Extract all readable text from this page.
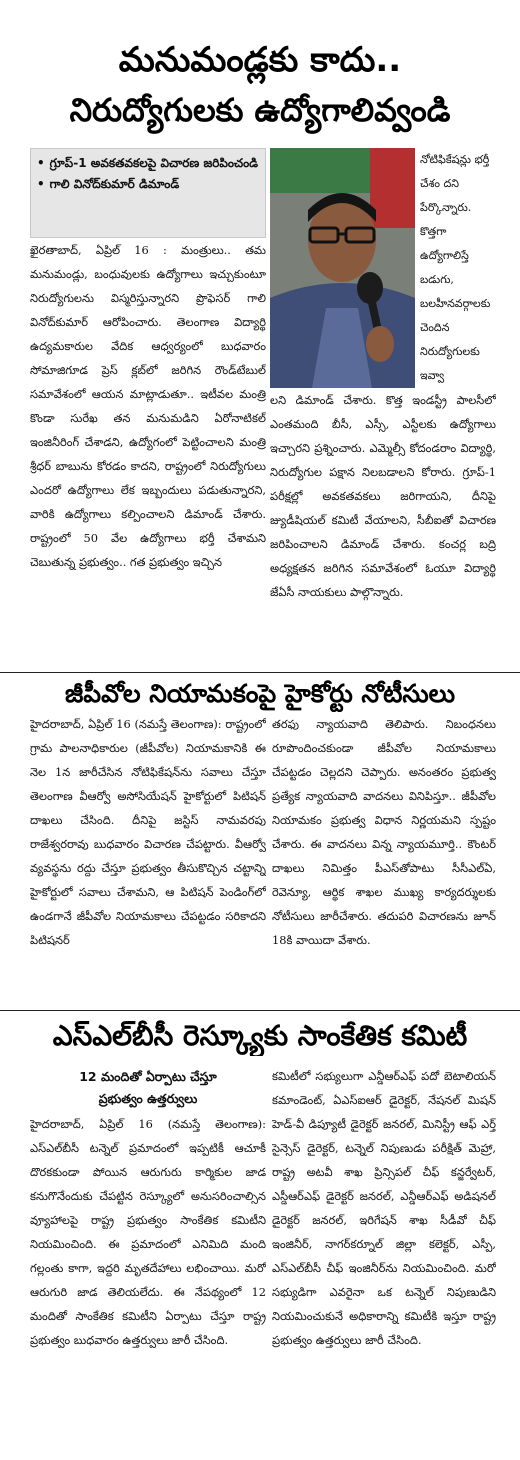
మనుమండ్లకు కాదు..
నిరుద్యోగులకు ఉద్యోగాలివ్వండి
• గ్రూప్‌-1 అవకతవకలపై విచారణ జరిపించండి
• గాలి వినోద్‌కుమార్‌ డిమాండ్‌

ఖైరతాబాద్‌, ఏప్రిల్‌ 16 : మంత్రులు.. తమ మనుమండ్లు, బంధువులకు ఉద్యోగాలు ఇచ్చుకుంటూ నిరుద్యోగులను విస్మరిస్తున్నారని ప్రొఫెసర్‌ గాలి వినోద్‌కుమార్‌ ఆరోపించారు. తెలంగాణ విద్యార్థి ఉద్యమకారుల వేదిక ఆధ్వర్యంలో బుధవారం సోమాజిగూడ ప్రెస్‌ క్లబ్‌లో జరిగిన రౌండ్‌టేబుల్‌ సమావేశంలో ఆయన మాట్లాడుతూ.. ఇటీవల మంత్రి కొండా సురేఖ తన మనుమడిని ఏరోనాటికల్‌ ఇంజినీరింగ్‌ చేశాడని, ఉద్యోగంలో పెట్టించాలని మంత్రి శ్రీధర్‌ బాబును కోరడం కాదని, రాష్ట్రంలో నిరుద్యోగులు ఎందరో ఉద్యోగాలు లేక ఇబ్బందులు పడుతున్నారని, వారికి ఉద్యోగాలు కల్పించాలని డిమాండ్‌ చేశారు. రాష్ట్రంలో 50 వేల ఉద్యోగాలు భర్తీ చేశామని చెబుతున్న ప్రభుత్వం.. గత ప్రభుత్వం ఇచ్చిన

నోటిఫికేషన్లు భర్తీ చేశం దని పేర్కొన్నారు. కొత్తగా ఉద్యోగాలిస్తే బడుగు, బలహీనవర్గాలకు చెందిన నిరుద్యోగులకు ఇవ్వా

లని డిమాండ్‌ చేశారు. కొత్త ఇండస్ట్రీ పాలసీలో ఎంతమంది బీసీ, ఎస్సీ, ఎస్టీలకు ఉద్యోగాలు ఇచ్చారని ప్రశ్నించారు. ఎమ్మెల్సీ కోదండరాం విద్యార్థి, నిరుద్యోగుల పక్షాన నిలబడాలని కోరారు. గ్రూప్‌-1 పరీక్షల్లో అవకతవకలు జరిగాయని, దీనిపై జ్యుడీషియల్‌ కమిటీ వేయాలని, సీబీఐతో విచారణ జరిపించాలని డిమాండ్‌ చేశారు. కంచర్ల బద్రి అధ్యక్షతన జరిగిన సమావేశంలో ఓయూ విద్యార్థి జేఏసీ నాయకులు పాల్గొన్నారు.

జీపీవోల నియామకంపై హైకోర్టు నోటీసులు

హైదరాబాద్‌, ఏప్రిల్‌ 16 (నమస్తే తెలంగాణ): రాష్ట్రంలో గ్రామ పాలనాధికారుల (జీపీవోల) నియామకానికి ఈ నెల 1న జారీచేసిన నోటిఫికేషన్‌ను సవాలు చేస్తూ తెలంగాణ వీఆర్వో అసోసియేషన్‌ హైకోర్టులో పిటిషన్‌ దాఖలు చేసింది. దీనిపై జస్టిస్‌ నామవరపు రాజేశ్వరరావు బుధవారం విచారణ చేపట్టారు. వీఆర్వో వ్యవస్థను రద్దు చేస్తూ ప్రభుత్వం తీసుకొచ్చిన చట్టాన్ని హైకోర్టులో సవాలు చేశామని, ఆ పిటిషన్‌ పెండింగ్‌లో ఉండగానే జీపీవోల నియామకాలు చేపట్టడం సరికాదని పిటిషనర్‌

తరఫు న్యాయవాది తెలిపారు. నిబంధనలు రూపొందించకుండా జీపీవోల నియామకాలు చేపట్టడం చెల్లదని చెప్పారు. అనంతరం ప్రభుత్వ ప్రత్యేక న్యాయవాది వాదనలు వినిపిస్తూ.. జీపీవోల నియామకం ప్రభుత్వ విధాన నిర్ణయమని స్పష్టం చేశారు. ఈ వాదనలు విన్న న్యాయమూర్తి.. కౌంటర్‌ దాఖలు నిమిత్తం పీఎస్‌తోపాటు సీసీఎల్‌ఏ, రెవెన్యూ, ఆర్థిక శాఖల ముఖ్య కార్యదర్శులకు నోటీసులు జారీచేశారు. తదుపరి విచారణను జూన్‌ 18కి వాయిదా వేశారు.

ఎస్‌ఎల్‌బీసీ రెస్క్యూకు సాంకేతిక కమిటీ
12 మందితో ఏర్పాటు చేస్తూ
ప్రభుత్వం ఉత్తర్వులు

హైదరాబాద్‌, ఏప్రిల్‌ 16 (నమస్తే తెలంగాణ): ఎస్‌ఎల్‌బీసీ టన్నెల్‌ ప్రమాదంలో ఇప్పటికీ ఆచూకీ దొరకకుండా పోయిన ఆరుగురు కార్మికుల జాడ కనుగొనేందుకు చేపట్టిన రెస్క్యూలో అనుసరించాల్సిన వ్యూహాలపై రాష్ట్ర ప్రభుత్వం సాంకేతిక కమిటీని నియమించింది. ఈ ప్రమాదంలో ఎనిమిది మంది గల్లంతు కాగా, ఇద్దరి మృతదేహాలు లభించాయి. మరో ఆరుగురి జాడ తెలియలేదు. ఈ నేపథ్యంలో 12 మందితో సాంకేతిక కమిటీని ఏర్పాటు చేస్తూ రాష్ట్ర ప్రభుత్వం బుధవారం ఉత్తర్వులు జారీ చేసింది.

కమిటీలో సభ్యులుగా ఎన్డీఆర్‌ఎఫ్‌ పదో బెటాలియన్‌ కమాండెంట్‌, ఏఎస్‌ఐఆర్‌ డైరెక్టర్‌, నేషనల్‌ మిషన్‌ హెడ్‌-వీ డిప్యూటీ డైరెక్టర్‌ జనరల్‌, మినిస్ట్రీ ఆఫ్‌ ఎర్త్‌ సైన్సెస్‌ డైరెక్టర్‌, టన్నెల్‌ నిపుణుడు పరీక్షిత్‌ మెహ్రా, రాష్ట్ర అటవీ శాఖ ప్రిన్సిపల్‌ చీఫ్‌ కన్జర్వేటర్‌, ఎస్డీఆర్‌ఎఫ్‌ డైరెక్టర్‌ జనరల్‌, ఎన్డీఆర్‌ఎఫ్‌ అడిషనల్‌ డైరెక్టర్‌ జనరల్‌, ఇరిగేషన్‌ శాఖ సీడీవో చీఫ్‌ ఇంజినీర్‌, నాగర్‌కర్నూల్‌ జిల్లా కలెక్టర్‌, ఎస్పీ, ఎస్‌ఎల్‌బీసీ చీఫ్‌ ఇంజినీర్‌ను నియమించింది. మరో సభ్యుడిగా ఎవరైనా ఒక టన్నెల్‌ నిపుణుడిని నియమించుకునే అధికారాన్ని కమిటీకి ఇస్తూ రాష్ట్ర ప్రభుత్వం ఉత్తర్వులు జారీ చేసింది.
